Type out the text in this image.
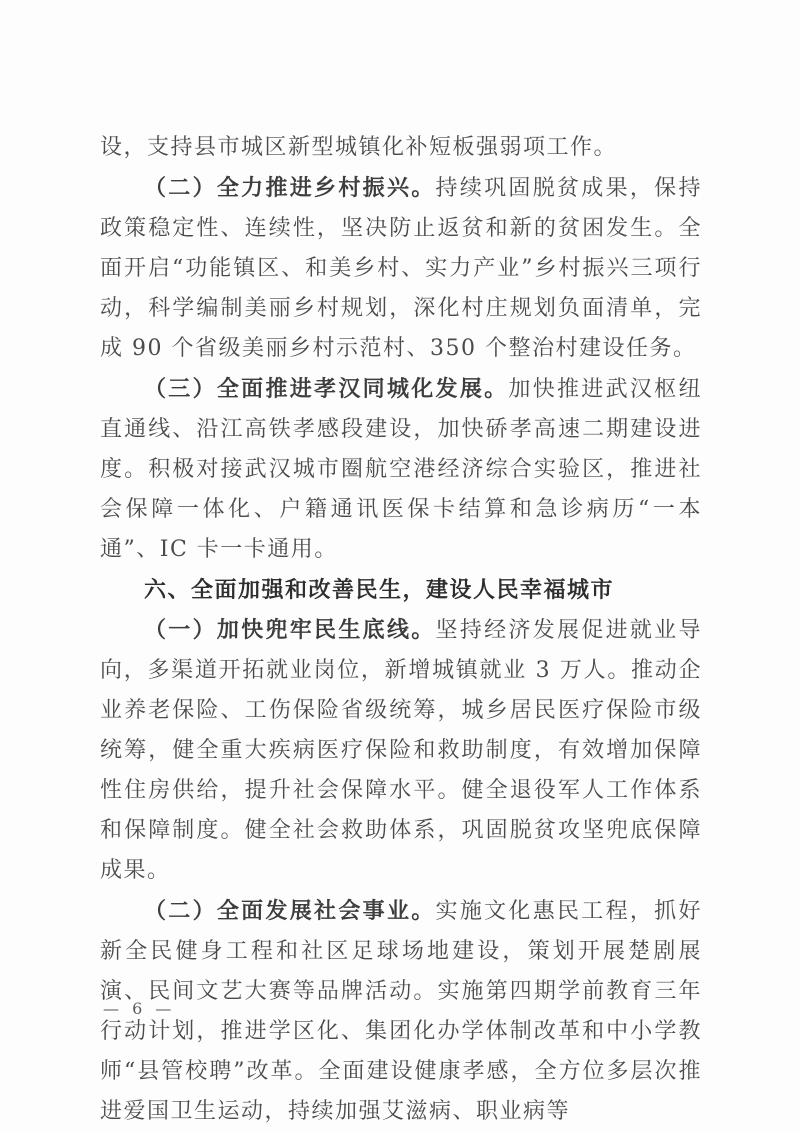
设，支持县市城区新型城镇化补短板强弱项工作。

（二）全力推进乡村振兴。持续巩固脱贫成果，保持政策稳定性、连续性，坚决防止返贫和新的贫困发生。全面开启“功能镇区、和美乡村、实力产业”乡村振兴三项行动，科学编制美丽乡村规划，深化村庄规划负面清单，完成 90 个省级美丽乡村示范村、350 个整治村建设任务。

（三）全面推进孝汉同城化发展。加快推进武汉枢纽直通线、沿江高铁孝感段建设，加快硚孝高速二期建设进度。积极对接武汉城市圈航空港经济综合实验区，推进社会保障一体化、户籍通讯医保卡结算和急诊病历“一本通”、IC 卡一卡通用。

六、全面加强和改善民生，建设人民幸福城市

（一）加快兜牢民生底线。坚持经济发展促进就业导向，多渠道开拓就业岗位，新增城镇就业 3 万人。推动企业养老保险、工伤保险省级统筹，城乡居民医疗保险市级统筹，健全重大疾病医疗保险和救助制度，有效增加保障性住房供给，提升社会保障水平。健全退役军人工作体系和保障制度。健全社会救助体系，巩固脱贫攻坚兜底保障成果。

（二）全面发展社会事业。实施文化惠民工程，抓好新全民健身工程和社区足球场地建设，策划开展楚剧展演、民间文艺大赛等品牌活动。实施第四期学前教育三年行动计划，推进学区化、集团化办学体制改革和中小学教师“县管校聘”改革。全面建设健康孝感，全方位多层次推进爱国卫生运动，持续加强艾滋病、职业病等

— 6 —
